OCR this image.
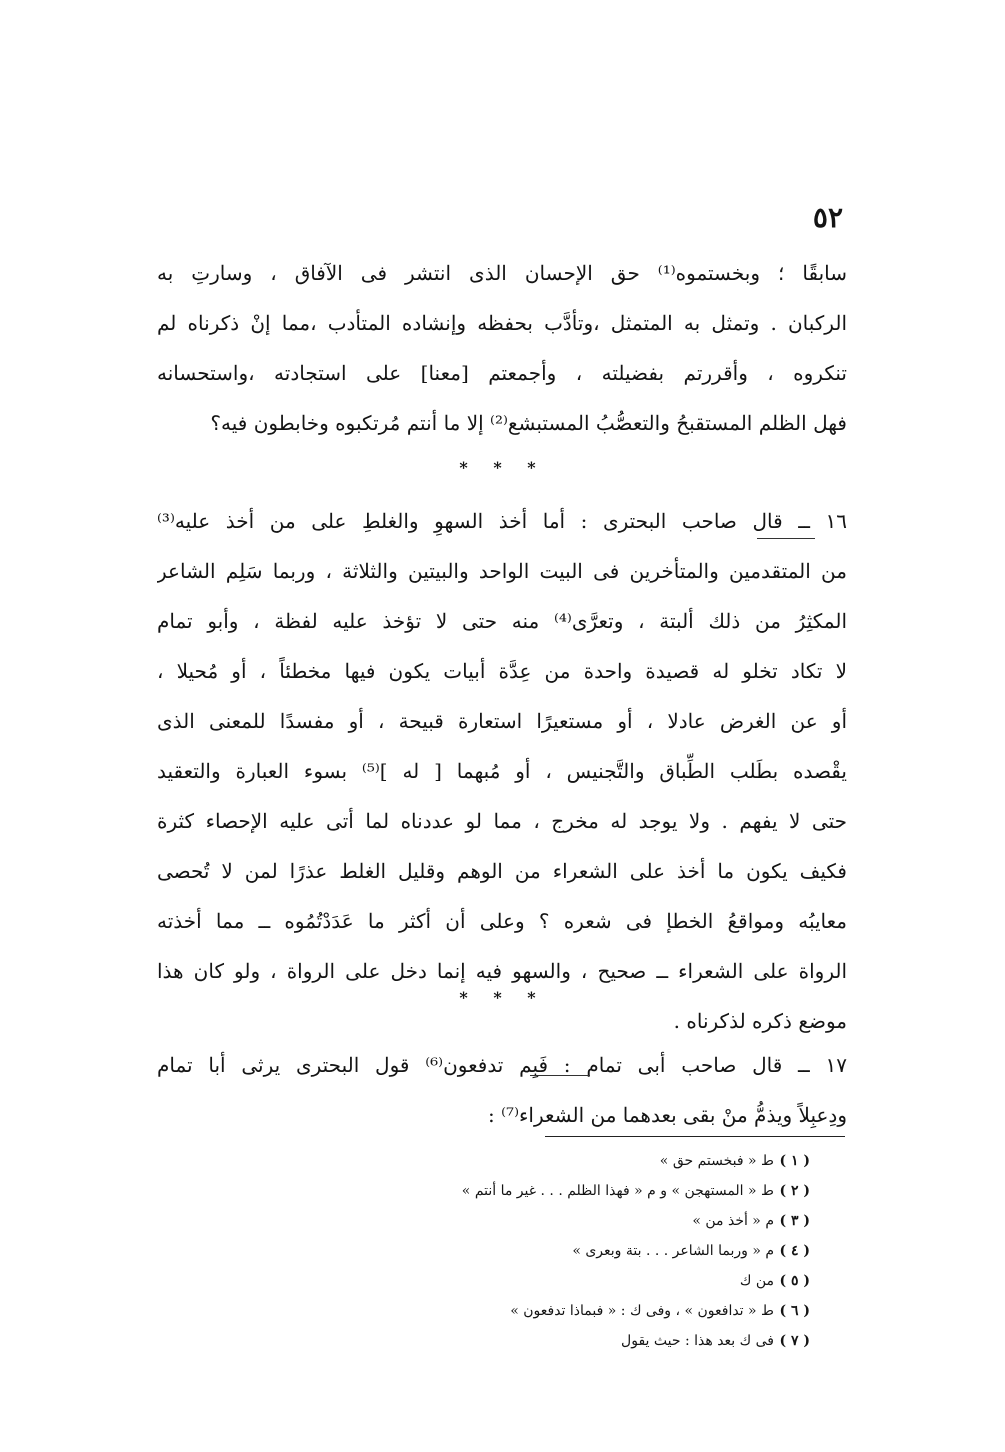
٥٢
سابقًا ؛ وبخستموه⁽¹⁾ حق الإحسان الذى انتشر فى الآفاق ، وسارتِ به
الركبان . وتمثل به المتمثل ،وتأدَّب بحفظه وإنشاده المتأدب ،مما إنْ ذكرناه لم
تنكروه ، وأقررتم بفضيلته ، وأجمعتم [معنا] على استجادته ،واستحسانه
فهل الظلم المستقبحُ والتعصُّبُ المستبشع⁽²⁾ إلا ما أنتم مُرتكبوه وخابطون فيه؟
* * *
١٦ ــ قال صاحب البحترى : أما أخذ السهوِ والغلطِ على من أخذ عليه⁽³⁾
من المتقدمين والمتأخرين فى البيت الواحد والبيتين والثلاثة ، وربما سَلِم الشاعر
المكثِرُ من ذلك ألبتة ، وتعرَّى⁽⁴⁾ منه حتى لا تؤخذ عليه لفظة ، وأبو تمام
لا تكاد تخلو له قصيدة واحدة من عِدَّة أبيات يكون فيها مخطئاً ، أو مُحيلا ،
أو عن الغرض عادلا ، أو مستعيرًا استعارة قبيحة ، أو مفسدًا للمعنى الذى
يقْصده بطَلب الطِّباق والتَّجنيس ، أو مُبهما [ له ]⁽⁵⁾ بسوء العبارة والتعقيد
حتى لا يفهم . ولا يوجد له مخرج ، مما لو عددناه لما أتى عليه الإحصاء كثرة
فكيف يكون ما أخذ على الشعراء من الوهم وقليل الغلط عذرًا لمن لا تُحصى
معايبُه ومواقعُ الخطإ فى شعره ؟ وعلى أن أكثر ما عَدَدْتُمُوه ــ مما أخذته
الرواة على الشعراء ــ صحيح ، والسهو فيه إنما دخل على الرواة ، ولو كان هذا
موضع ذكره لذكرناه .
* * *
١٧ ــ قال صاحب أبى تمام : فَبِم تدفعون⁽⁶⁾ قول البحترى يرثى أبا تمام
ودِعبِلاً ويذمُّ منْ بقى بعدهما من الشعراء⁽⁷⁾ :
( ١ )
ط « فبخستم حق »
( ٢ )
ط « المستهجن » و م « فهذا الظلم . . . غير ما أنتم »
( ٣ )
م « أخذ من »
( ٤ )
م « وربما الشاعر . . . بتة وبعرى »
( ٥ )
من ك
( ٦ )
ط « تدافعون » ، وفى ك : « فبماذا تدفعون »
( ٧ )
فى ك بعد هذا : حيث يقول
